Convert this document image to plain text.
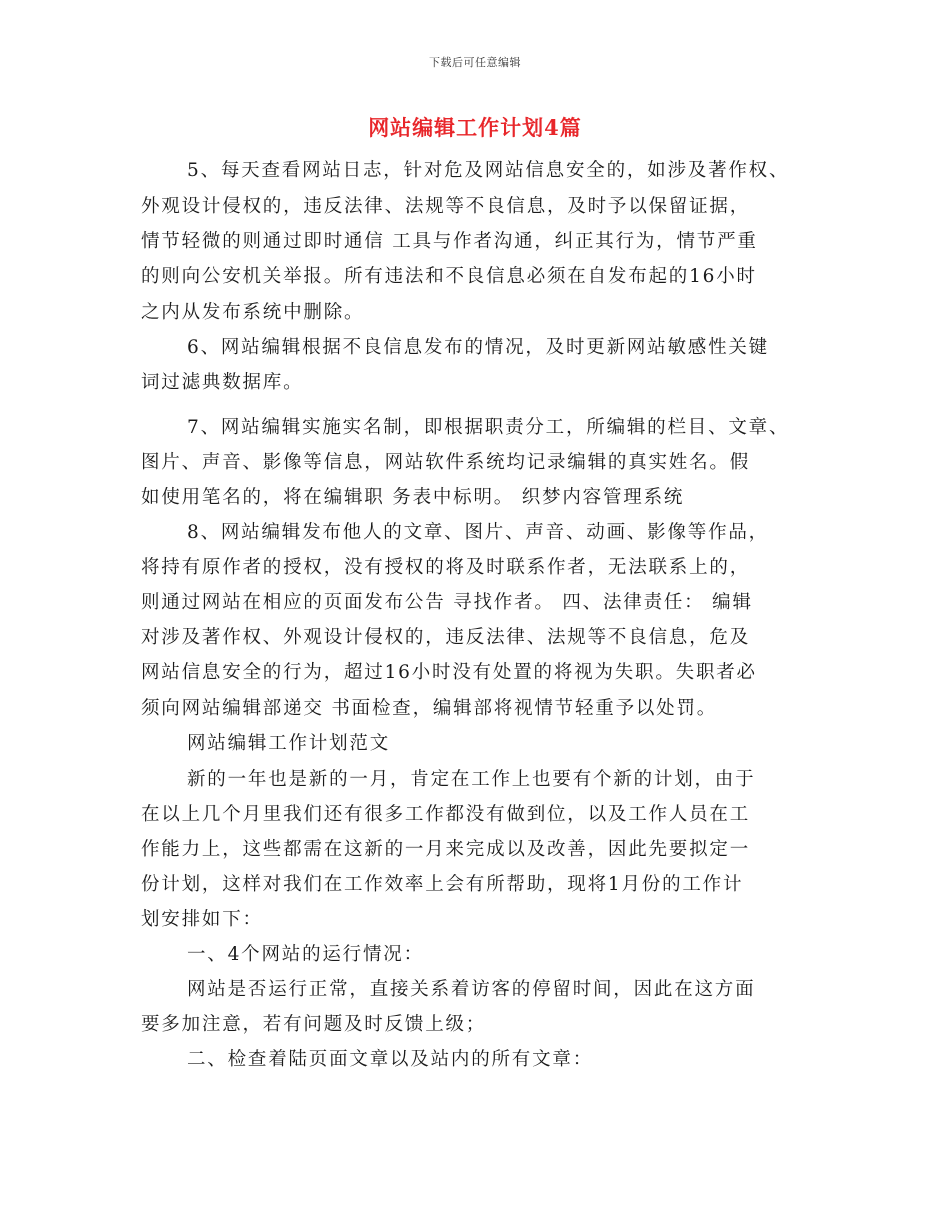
下载后可任意编辑
网站编辑工作计划4篇
5、每天查看网站日志，针对危及网站信息安全的，如涉及著作权、
外观设计侵权的，违反法律、法规等不良信息，及时予以保留证据，
情节轻微的则通过即时通信 工具与作者沟通，纠正其行为，情节严重
的则向公安机关举报。所有违法和不良信息必须在自发布起的16小时
之内从发布系统中删除。
6、网站编辑根据不良信息发布的情况，及时更新网站敏感性关键
词过滤典数据库。
7、网站编辑实施实名制，即根据职责分工，所编辑的栏目、文章、
图片、声音、影像等信息，网站软件系统均记录编辑的真实姓名。假
如使用笔名的，将在编辑职 务表中标明。 织梦内容管理系统
8、网站编辑发布他人的文章、图片、声音、动画、影像等作品，
将持有原作者的授权，没有授权的将及时联系作者，无法联系上的，
则通过网站在相应的页面发布公告 寻找作者。 四、法律责任： 编辑
对涉及著作权、外观设计侵权的，违反法律、法规等不良信息，危及
网站信息安全的行为，超过16小时没有处置的将视为失职。失职者必
须向网站编辑部递交 书面检查，编辑部将视情节轻重予以处罚。
网站编辑工作计划范文
新的一年也是新的一月，肯定在工作上也要有个新的计划，由于
在以上几个月里我们还有很多工作都没有做到位，以及工作人员在工
作能力上，这些都需在这新的一月来完成以及改善，因此先要拟定一
份计划，这样对我们在工作效率上会有所帮助，现将1月份的工作计
划安排如下：
一、4个网站的运行情况：
网站是否运行正常，直接关系着访客的停留时间，因此在这方面
要多加注意，若有问题及时反馈上级；
二、检查着陆页面文章以及站内的所有文章：
